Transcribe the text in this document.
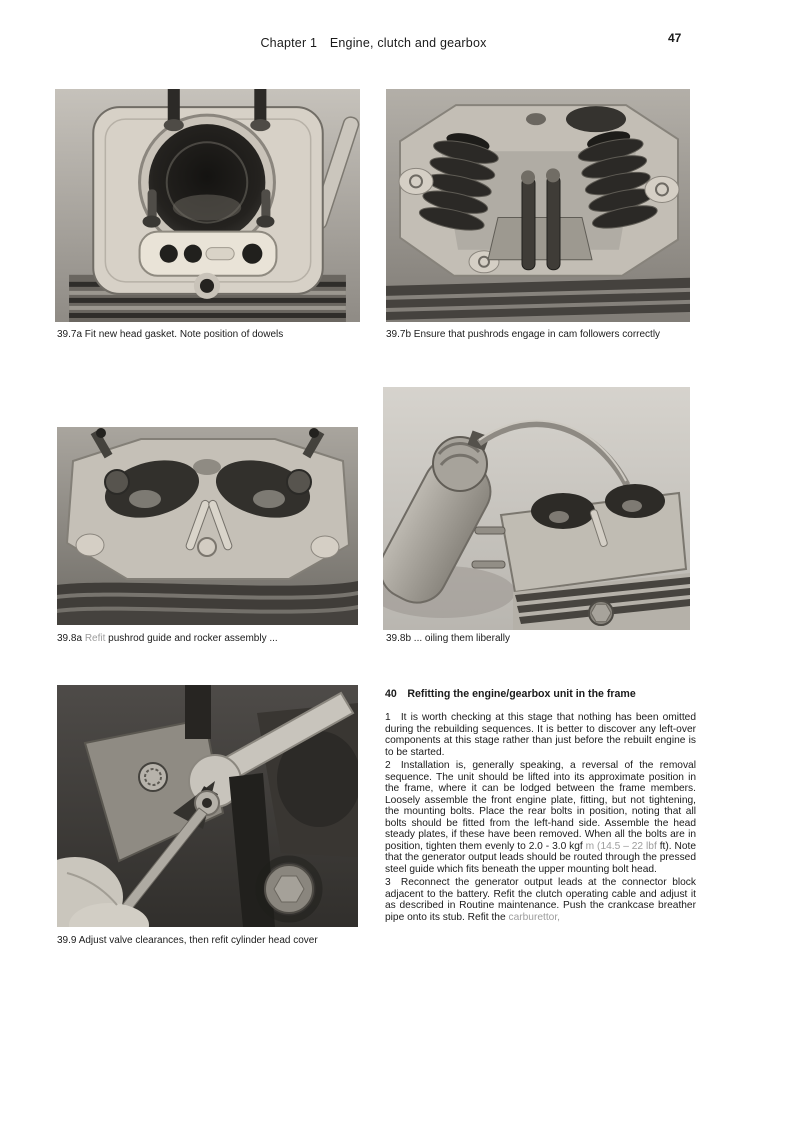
Chapter 1 Engine, clutch and gearbox	47
39.7a Fit new head gasket. Note position of dowels	39.7b Ensure that pushrods engage in cam followers correctly
39.8a Refit pushrod guide and rocker assembly ...	39.8b ... oiling them liberally
39.9 Adjust valve clearances, then refit cylinder head cover
40 Refitting the engine/gearbox unit in the frame

1 It is worth checking at this stage that nothing has been omitted during the rebuilding sequences. It is better to discover any left-over components at this stage rather than just before the rebuilt engine is to be started.

2 Installation is, generally speaking, a reversal of the removal sequence. The unit should be lifted into its approximate position in the frame, where it can be lodged between the frame members. Loosely assemble the front engine plate, fitting, but not tightening, the mounting bolts. Place the rear bolts in position, noting that all bolts should be fitted from the left-hand side. Assemble the head steady plates, if these have been removed. When all the bolts are in position, tighten them evenly to 2.0 - 3.0 kgf m (14.5 – 22 lbf ft). Note that the generator output leads should be routed through the pressed steel guide which fits beneath the upper mounting bolt head.

3 Reconnect the generator output leads at the connector block adjacent to the battery. Refit the clutch operating cable and adjust it as described in Routine maintenance. Push the crankcase breather pipe onto its stub. Refit the carburettor,
